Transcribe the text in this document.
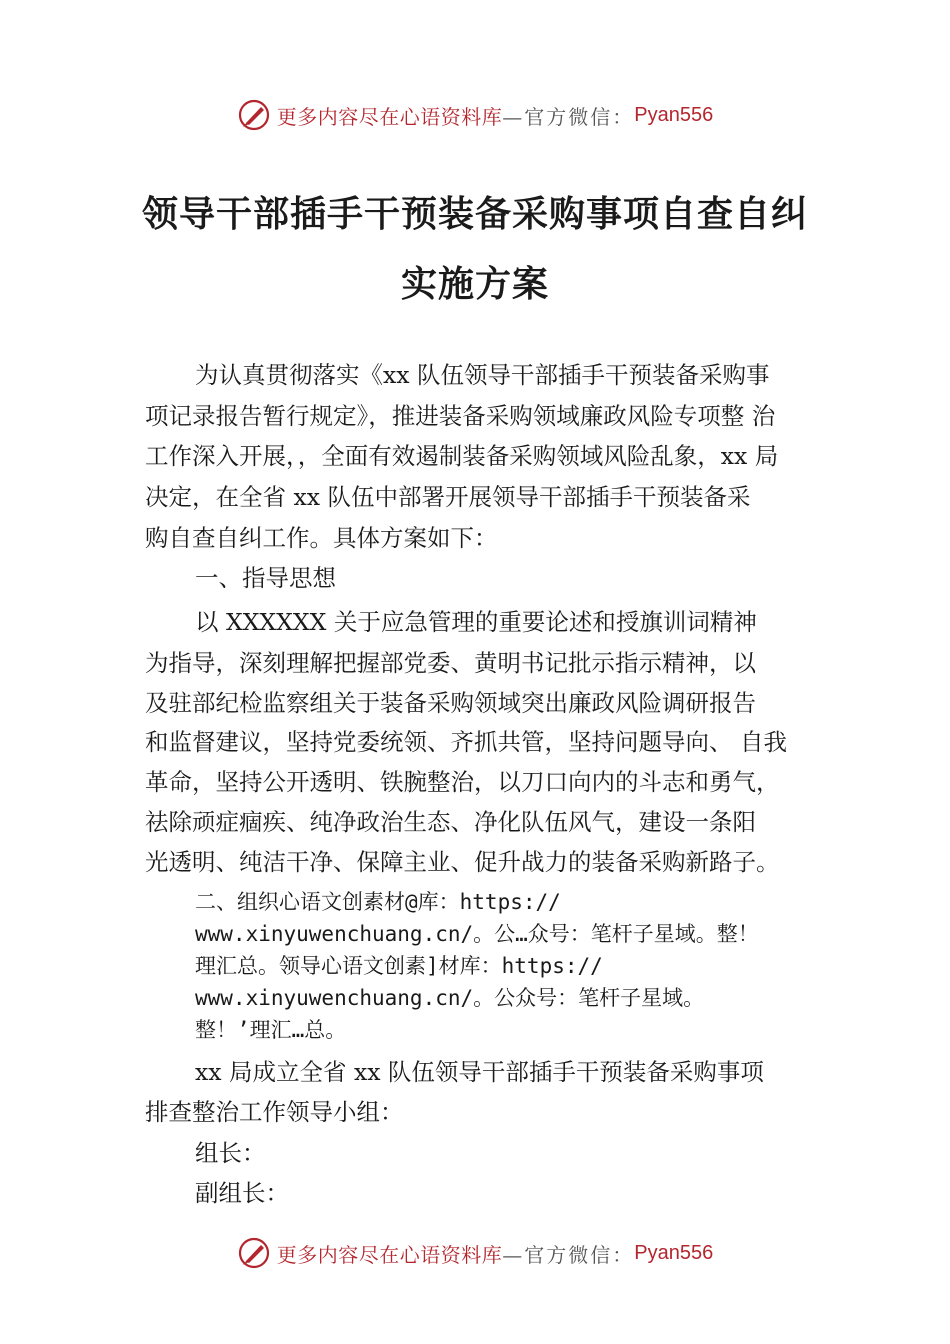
更多内容尽在心语资料库 —官方微信： Pyan556
领导干部插手干预装备采购事项自查自纠
实施方案
为认真贯彻落实《xx 队伍领导干部插手干预装备采购事
项记录报告暂行规定》，推进装备采购领域廉政风险专项整 治
工作深入开展，，全面有效遏制装备采购领域风险乱象，xx 局
决定，在全省 xx 队伍中部署开展领导干部插手干预装备采
购自查自纠工作。具体方案如下：
一、指导思想
以 XXXXXX 关于应急管理的重要论述和授旗训词精神
为指导，深刻理解把握部党委、黄明书记批示指示精神，以
及驻部纪检监察组关于装备采购领域突出廉政风险调研报告
和监督建议，坚持党委统领、齐抓共管，坚持问题导向、 自我
革命，坚持公开透明、铁腕整治，以刀口向内的斗志和勇气，
祛除顽症痼疾、纯净政治生态、净化队伍风气，建设一条阳
光透明、纯洁干净、保障主业、促升战力的装备采购新路子。
二、组织心语文创素材@库：https://
www.xinyuwenchuang.cn/。公…众号：笔杆子星域。整！
理汇总。领导心语文创素]材库：https://
www.xinyuwenchuang.cn/。公众号：笔杆子星域。
整！’理汇…总。
xx 局成立全省 xx 队伍领导干部插手干预装备采购事项
排查整治工作领导小组：
组长：
副组长：
更多内容尽在心语资料库 —官方微信： Pyan556
